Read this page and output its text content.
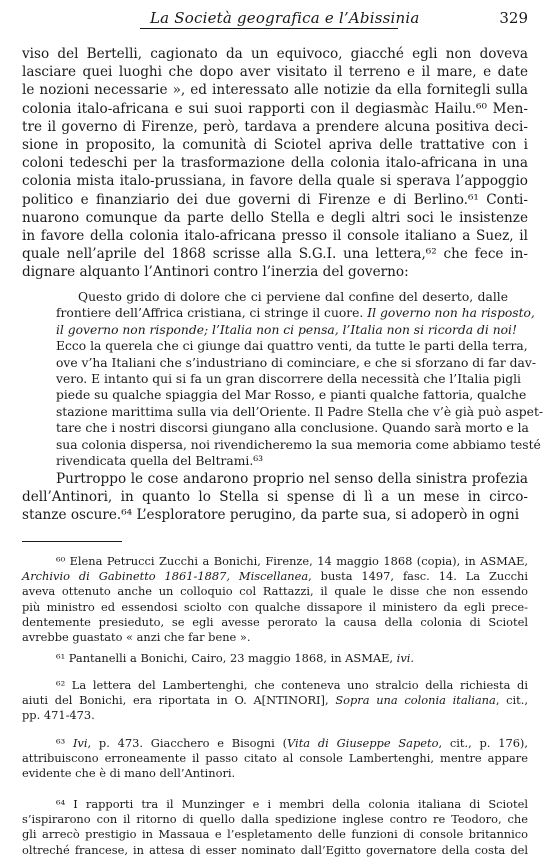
La Società geografica e l’Abissinia	329
viso del Bertelli, cagionato da un equivoco, giacché egli non doveva
lasciare quei luoghi che dopo aver visitato il terreno e il mare, e date
le nozioni necessarie », ed interessato alle notizie da ella fornitegli sulla
colonia italo-africana e sui suoi rapporti con il degiasmàc Hailu.⁶⁰ Men-
tre il governo di Firenze, però, tardava a prendere alcuna positiva deci-
sione in proposito, la comunità di Sciotel apriva delle trattative con i
coloni tedeschi per la trasformazione della colonia italo-africana in una
colonia mista italo-prussiana, in favore della quale si sperava l’appoggio
politico e finanziario dei due governi di Firenze e di Berlino.⁶¹ Conti-
nuarono comunque da parte dello Stella e degli altri soci le insistenze
in favore della colonia italo-africana presso il console italiano a Suez, il
quale nell’aprile del 1868 scrisse alla S.G.I. una lettera,⁶² che fece in-
dignare alquanto l’Antinori contro l’inerzia del governo:
Questo grido di dolore che ci perviene dal confine del deserto, dalle
frontiere dell’Affrica cristiana, ci stringe il cuore. Il governo non ha risposto,
il governo non risponde; l’Italia non ci pensa, l’Italia non si ricorda di noi!
Ecco la querela che ci giunge dai quattro venti, da tutte le parti della terra,
ove v’ha Italiani che s’industriano di cominciare, e che si sforzano di far dav-
vero. E intanto qui si fa un gran discorrere della necessità che l’Italia pigli
piede su qualche spiaggia del Mar Rosso, e pianti qualche fattoria, qualche
stazione marittima sulla via dell’Oriente. Il Padre Stella che v’è già può aspet-
tare che i nostri discorsi giungano alla conclusione. Quando sarà morto e la
sua colonia dispersa, noi rivendicheremo la sua memoria come abbiamo testé
rivendicata quella del Beltrami.⁶³
Purtroppo le cose andarono proprio nel senso della sinistra profezia
dell’Antinori, in quanto lo Stella si spense di lì a un mese in circo-
stanze oscure.⁶⁴ L’esploratore perugino, da parte sua, si adoperò in ogni
⁶⁰ Elena Petrucci Zucchi a Bonichi, Firenze, 14 maggio 1868 (copia), in ASMAE,
Archivio di Gabinetto 1861-1887, Miscellanea, busta 1497, fasc. 14. La Zucchi
aveva ottenuto anche un colloquio col Rattazzi, il quale le disse che non essendo
più ministro ed essendosi sciolto con qualche dissapore il ministero da egli prece-
dentemente presieduto, se egli avesse perorato la causa della colonia di Sciotel
avrebbe guastato « anzi che far bene ».
⁶¹ Pantanelli a Bonichi, Cairo, 23 maggio 1868, in ASMAE, ivi.
⁶² La lettera del Lambertenghi, che conteneva uno stralcio della richiesta di
aiuti del Bonichi, era riportata in O. A[NTINORI], Sopra una colonia italiana, cit.,
pp. 471-473.
⁶³ Ivi, p. 473. Giacchero e Bisogni (Vita di Giuseppe Sapeto, cit., p. 176),
attribuiscono erroneamente il passo citato al console Lambertenghi, mentre appare
evidente che è di mano dell’Antinori.
⁶⁴ I rapporti tra il Munzinger e i membri della colonia italiana di Sciotel
s’ispirarono con il ritorno di quello dalla spedizione inglese contro re Teodoro, che
gli arrecò prestigio in Massaua e l’espletamento delle funzioni di console britannico
oltreché francese, in attesa di esser nominato dall’Egitto governatore della costa del
